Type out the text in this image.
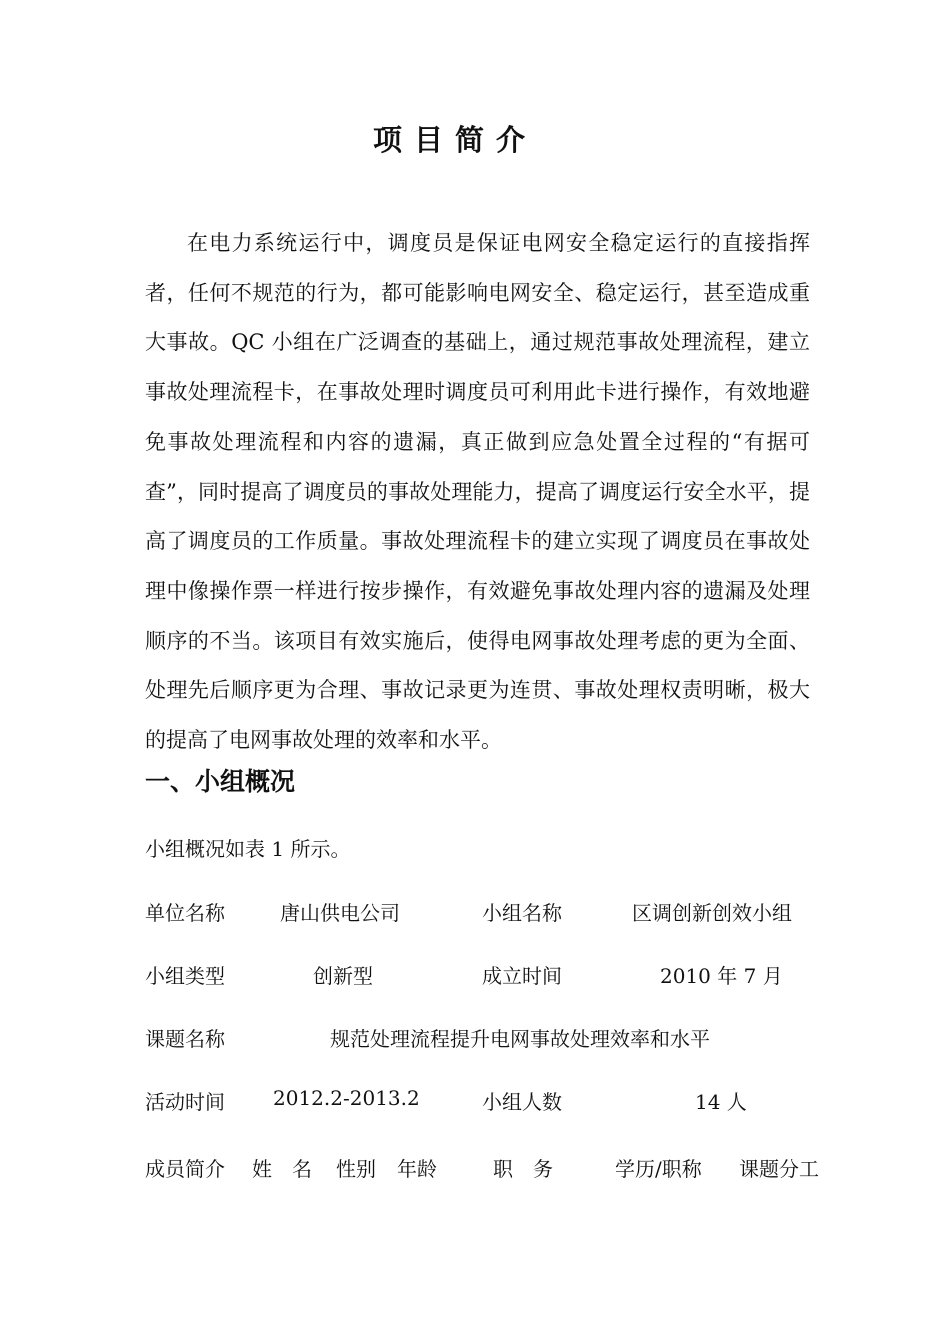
项目简介

在电力系统运行中，调度员是保证电网安全稳定运行的直接指挥者，任何不规范的行为，都可能影响电网安全、稳定运行，甚至造成重大事故。QC 小组在广泛调查的基础上，通过规范事故处理流程，建立事故处理流程卡，在事故处理时调度员可利用此卡进行操作，有效地避免事故处理流程和内容的遗漏，真正做到应急处置全过程的“有据可查”，同时提高了调度员的事故处理能力，提高了调度运行安全水平，提高了调度员的工作质量。事故处理流程卡的建立实现了调度员在事故处理中像操作票一样进行按步操作，有效避免事故处理内容的遗漏及处理顺序的不当。该项目有效实施后，使得电网事故处理考虑的更为全面、处理先后顺序更为合理、事故记录更为连贯、事故处理权责明晰，极大的提高了电网事故处理的效率和水平。

一、小组概况
小组概况如表 1 所示。
单位名称	唐山供电公司	小组名称	区调创新创效小组
小组类型	创新型	成立时间	2010 年 7 月
课题名称	规范处理流程提升电网事故处理效率和水平
活动时间 2012.2-2013.2	小组人数	14 人
成员简介 姓　名 性别 年龄	职　务	学历/职称 课题分工
